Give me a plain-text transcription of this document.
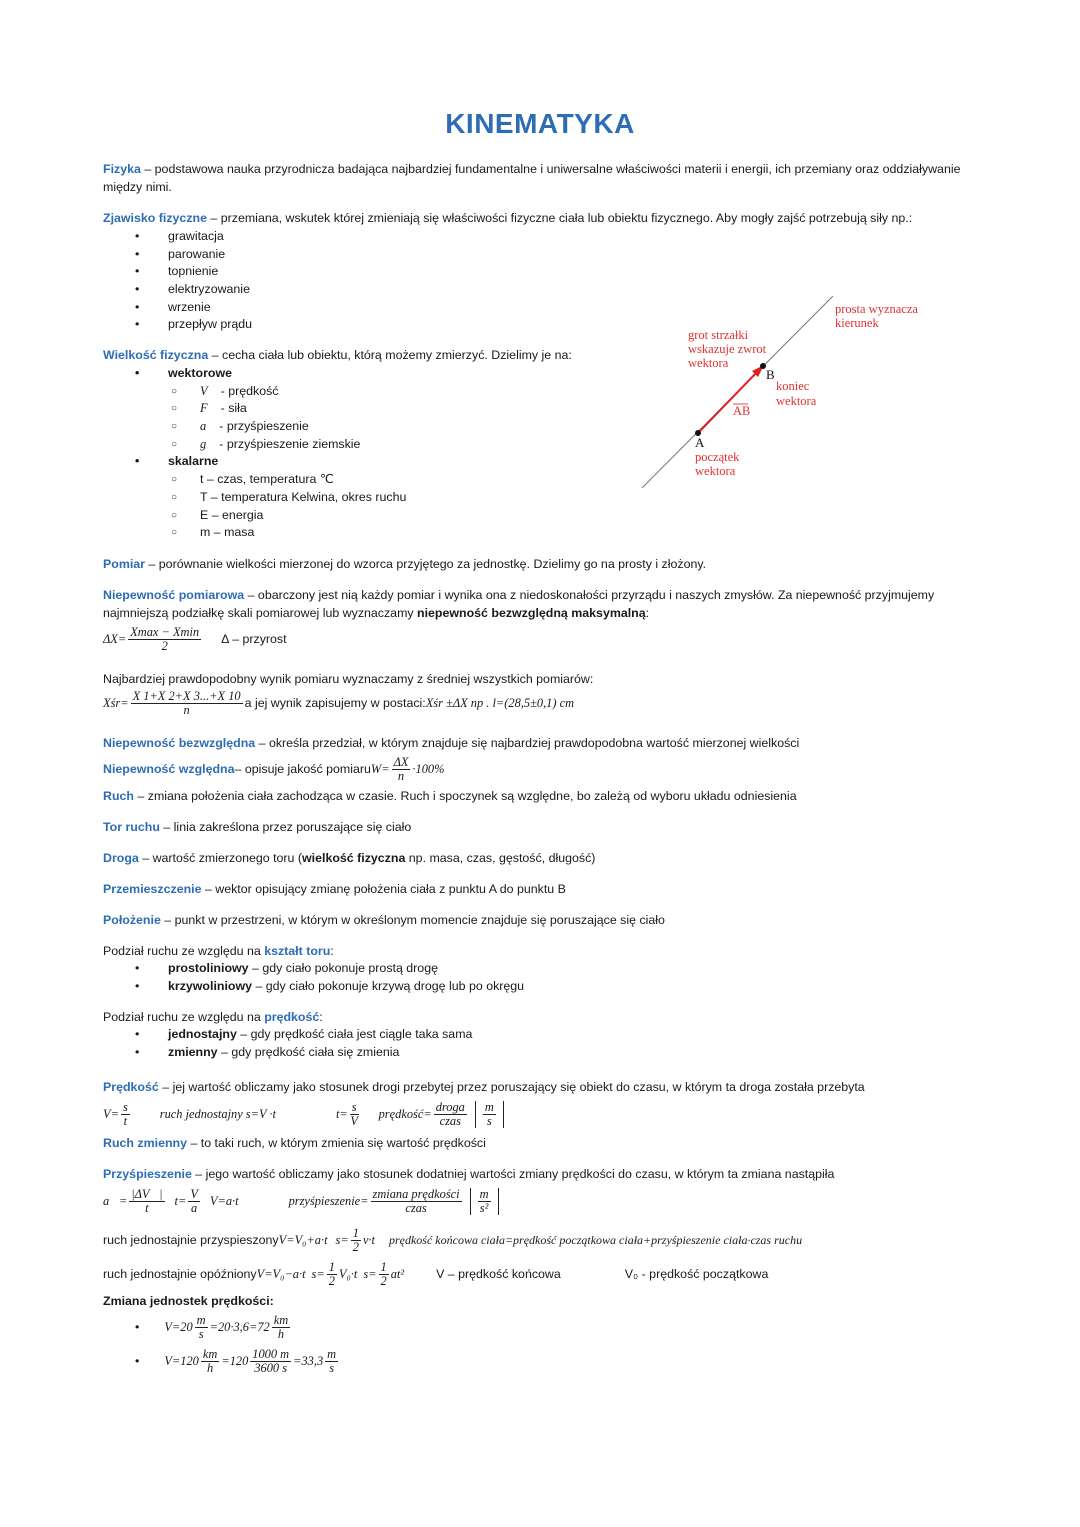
KINEMATYKA
Fizyka – podstawowa nauka przyrodnicza badająca najbardziej fundamentalne i uniwersalne właściwości materii i energii, ich przemiany oraz oddziaływanie między nimi.
Zjawisko fizyczne – przemiana, wskutek której zmieniają się właściwości fizyczne ciała lub obiektu fizycznego. Aby mogły zajść potrzebują siły np.:
• grawitacja
• parowanie
• topnienie
• elektryzowanie
• wrzenie
• przepływ prądu
Wielkość fizyczna – cecha ciała lub obiektu, którą możemy zmierzyć. Dzielimy je na:
• wektorowe
○ V⃗ - prędkość
○ F⃗ - siła
○ a⃗ - przyśpieszenie
○ g⃗ - przyśpieszenie ziemskie
• skalarne
○ t – czas, temperatura ℃
○ T – temperatura Kelwina, okres ruchu
○ E – energia
○ m – masa
prosta wyznacza
kierunek
grot strzałki
wskazuje zwrot
wektora
B
koniec
wektora
AB
A
początek
wektora
Pomiar – porównanie wielkości mierzonej do wzorca przyjętego za jednostkę. Dzielimy go na prosty i złożony.
Niepewność pomiarowa – obarczony jest nią każdy pomiar i wynika ona z niedoskonałości przyrządu i naszych zmysłów. Za niepewność przyjmujemy najmniejszą podziałkę skali pomiarowej lub wyznaczamy niepewność bezwzględną maksymalną:
$\Delta X= \frac{Xmax - Xmin}{2}$ Δ – przyrost
Najbardziej prawdopodobny wynik pomiaru wyznaczamy z średniej wszystkich pomiarów:
Xśr= $\frac{X 1+X 2+X 3...+X 10}{n}$ a jej wynik zapisujemy w postaci: Xśr ±ΔX np . l=(28,5±0,1) cm
Niepewność bezwzględna – określa przedział, w którym znajduje się najbardziej prawdopodobna wartość mierzonej wielkości
Niepewność względna – opisuje jakość pomiaru $W= \frac{\Delta X}{n} \cdot 100\%$
Ruch – zmiana położenia ciała zachodząca w czasie. Ruch i spoczynek są względne, bo zależą od wyboru układu odniesienia
Tor ruchu – linia zakreślona przez poruszające się ciało
Droga – wartość zmierzonego toru (wielkość fizyczna np. masa, czas, gęstość, długość)
Przemieszczenie – wektor opisujący zmianę położenia ciała z punktu A do punktu B
Położenie – punkt w przestrzeni, w którym w określonym momencie znajduje się poruszające się ciało
Podział ruchu ze względu na kształt toru:
• prostoliniowy – gdy ciało pokonuje prostą drogę
• krzywoliniowy – gdy ciało pokonuje krzywą drogę lub po okręgu
Podział ruchu ze względu na prędkość:
• jednostajny – gdy prędkość ciała jest ciągle taka sama
• zmienny – gdy prędkość ciała się zmienia
Prędkość – jej wartość obliczamy jako stosunek drogi przebytej przez poruszający się obiekt do czasu, w którym ta droga została przebyta
$V= \frac{s}{t}$ ruch jednostajny s=V ·t	$t= \frac{s}{V}$ prędkość= $\frac{\text{droga}}{\text{czas}} \frac{m}{s}$
Ruch zmienny – to taki ruch, w którym zmienia się wartość prędkości
Przyśpieszenie – jego wartość obliczamy jako stosunek dodatniej wartości zmiany prędkości do czasu, w którym ta zmiana nastąpiła
a⃗= $\frac{|\Delta V⃗|}{t} t= \frac{V}{a} V=a\cdot t$	przyśpieszenie= $\frac{\text{zmiana prędkości}}{\text{czas}} \frac{m}{\text{s²}}$
ruch jednostajnie przyspieszony V=V₀+a·t $s= \frac{1}{2} v\cdot t$ prędkość końcowa ciała=prędkość początkowa ciała+przyśpieszenie ciała·czas ruchu
ruch jednostajnie opóźniony V=V₀−a·t $s= \frac{1}{2} V_0\cdot t$ $s= \frac{1}{2} at^2$	V – prędkość końcowa	V₀ - prędkość początkowa
Zmiana jednostek prędkości:
• $V=20 \frac{m}{s} =20\cdot 3,6=72 \frac{km}{h}$
• $V=120 \frac{km}{h} =120 \frac{1000 m}{3600 s} =33,3 \frac{m}{s}$
